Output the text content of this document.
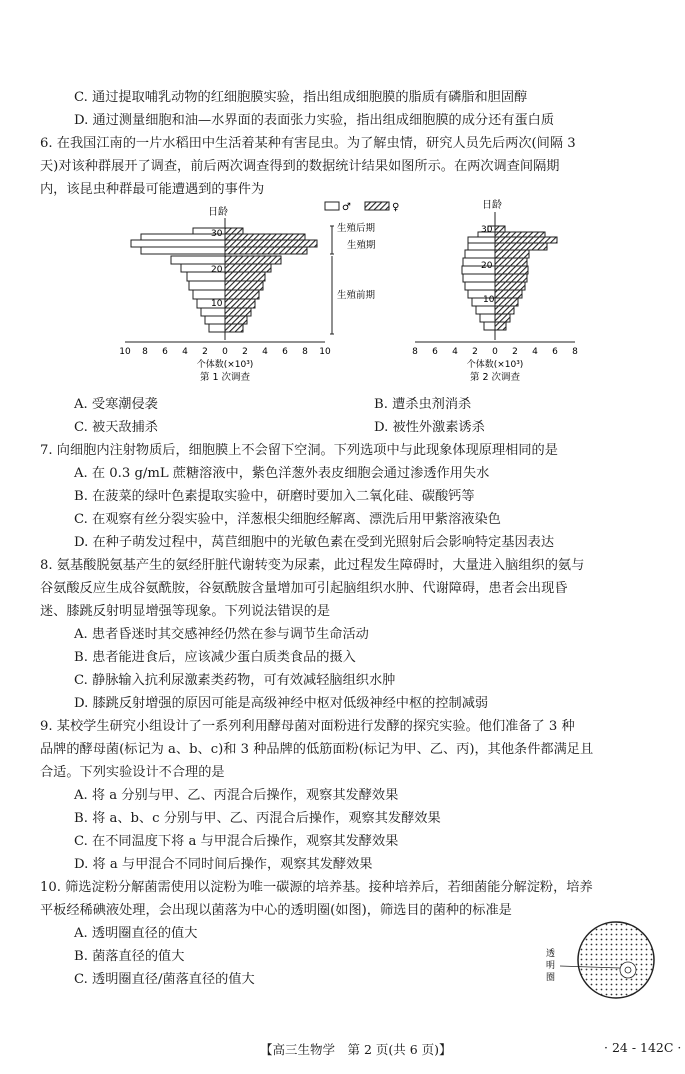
C. 通过提取哺乳动物的红细胞膜实验，指出组成细胞膜的脂质有磷脂和胆固醇
D. 通过测量细胞和油—水界面的表面张力实验，指出组成细胞膜的成分还有蛋白质
6. 在我国江南的一片水稻田中生活着某种有害昆虫。为了解虫情，研究人员先后两次(间隔 3
天)对该种群展开了调查，前后两次调查得到的数据统计结果如图所示。在两次调查间隔期
内，该昆虫种群最可能遭遇到的事件为
♂	♀
日龄
30
20
10
10 8 6 4 2 0 2 4 6 8 10
个体数(×10³)
第 1 次调查
生殖后期
生殖期
生殖前期
日龄
30
20
10
8 6 4 2 0 2 4 6 8
个体数(×10³)
第 2 次调查
A. 受寒潮侵袭	B. 遭杀虫剂消杀
C. 被天敌捕杀	D. 被性外激素诱杀
7. 向细胞内注射物质后，细胞膜上不会留下空洞。下列选项中与此现象体现原理相同的是
A. 在 0.3 g/mL 蔗糖溶液中，紫色洋葱外表皮细胞会通过渗透作用失水
B. 在菠菜的绿叶色素提取实验中，研磨时要加入二氧化硅、碳酸钙等
C. 在观察有丝分裂实验中，洋葱根尖细胞经解离、漂洗后用甲紫溶液染色
D. 在种子萌发过程中，莴苣细胞中的光敏色素在受到光照射后会影响特定基因表达
8. 氨基酸脱氨基产生的氨经肝脏代谢转变为尿素，此过程发生障碍时，大量进入脑组织的氨与
谷氨酸反应生成谷氨酰胺，谷氨酰胺含量增加可引起脑组织水肿、代谢障碍，患者会出现昏
迷、膝跳反射明显增强等现象。下列说法错误的是
A. 患者昏迷时其交感神经仍然在参与调节生命活动
B. 患者能进食后，应该减少蛋白质类食品的摄入
C. 静脉输入抗利尿激素类药物，可有效减轻脑组织水肿
D. 膝跳反射增强的原因可能是高级神经中枢对低级神经中枢的控制减弱
9. 某校学生研究小组设计了一系列利用酵母菌对面粉进行发酵的探究实验。他们准备了 3 种
品牌的酵母菌(标记为 a、b、c)和 3 种品牌的低筋面粉(标记为甲、乙、丙)，其他条件都满足且
合适。下列实验设计不合理的是
A. 将 a 分别与甲、乙、丙混合后操作，观察其发酵效果
B. 将 a、b、c 分别与甲、乙、丙混合后操作，观察其发酵效果
C. 在不同温度下将 a 与甲混合后操作，观察其发酵效果
D. 将 a 与甲混合不同时间后操作，观察其发酵效果
10. 筛选淀粉分解菌需使用以淀粉为唯一碳源的培养基。接种培养后，若细菌能分解淀粉，培养
平板经稀碘液处理，会出现以菌落为中心的透明圈(如图)，筛选目的菌种的标准是
A. 透明圈直径的值大
B. 菌落直径的值大
C. 透明圈直径/菌落直径的值大
透
明
圈
【高三生物学　第 2 页(共 6 页)】	· 24 - 142C ·
